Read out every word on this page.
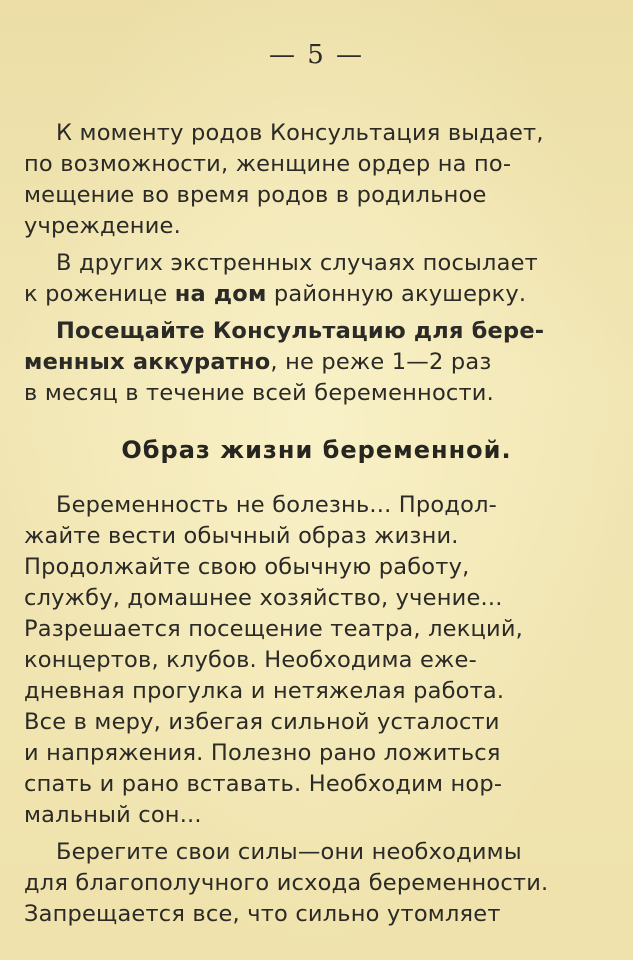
— 5 —

К моменту родов Консультация выдает,
по возможности, женщине ордер на по-
мещение во время родов в родильное
учреждение.

В других экстренных случаях посылает
к роженице на дом районную акушерку.

Посещайте Консультацию для бере-
менных аккуратно, не реже 1—2 раз
в месяц в течение всей беременности.

Образ жизни беременной.

Беременность не болезнь... Продол-
жайте вести обычный образ жизни.
Продолжайте свою обычную работу,
службу, домашнее хозяйство, учение...
Разрешается посещение театра, лекций,
концертов, клубов. Необходима еже-
дневная прогулка и нетяжелая работа.
Все в меру, избегая сильной усталости
и напряжения. Полезно рано ложиться
спать и рано вставать. Необходим нор-
мальный сон...

Берегите свои силы—они необходимы
для благополучного исхода беременности.
Запрещается все, что сильно утомляет
